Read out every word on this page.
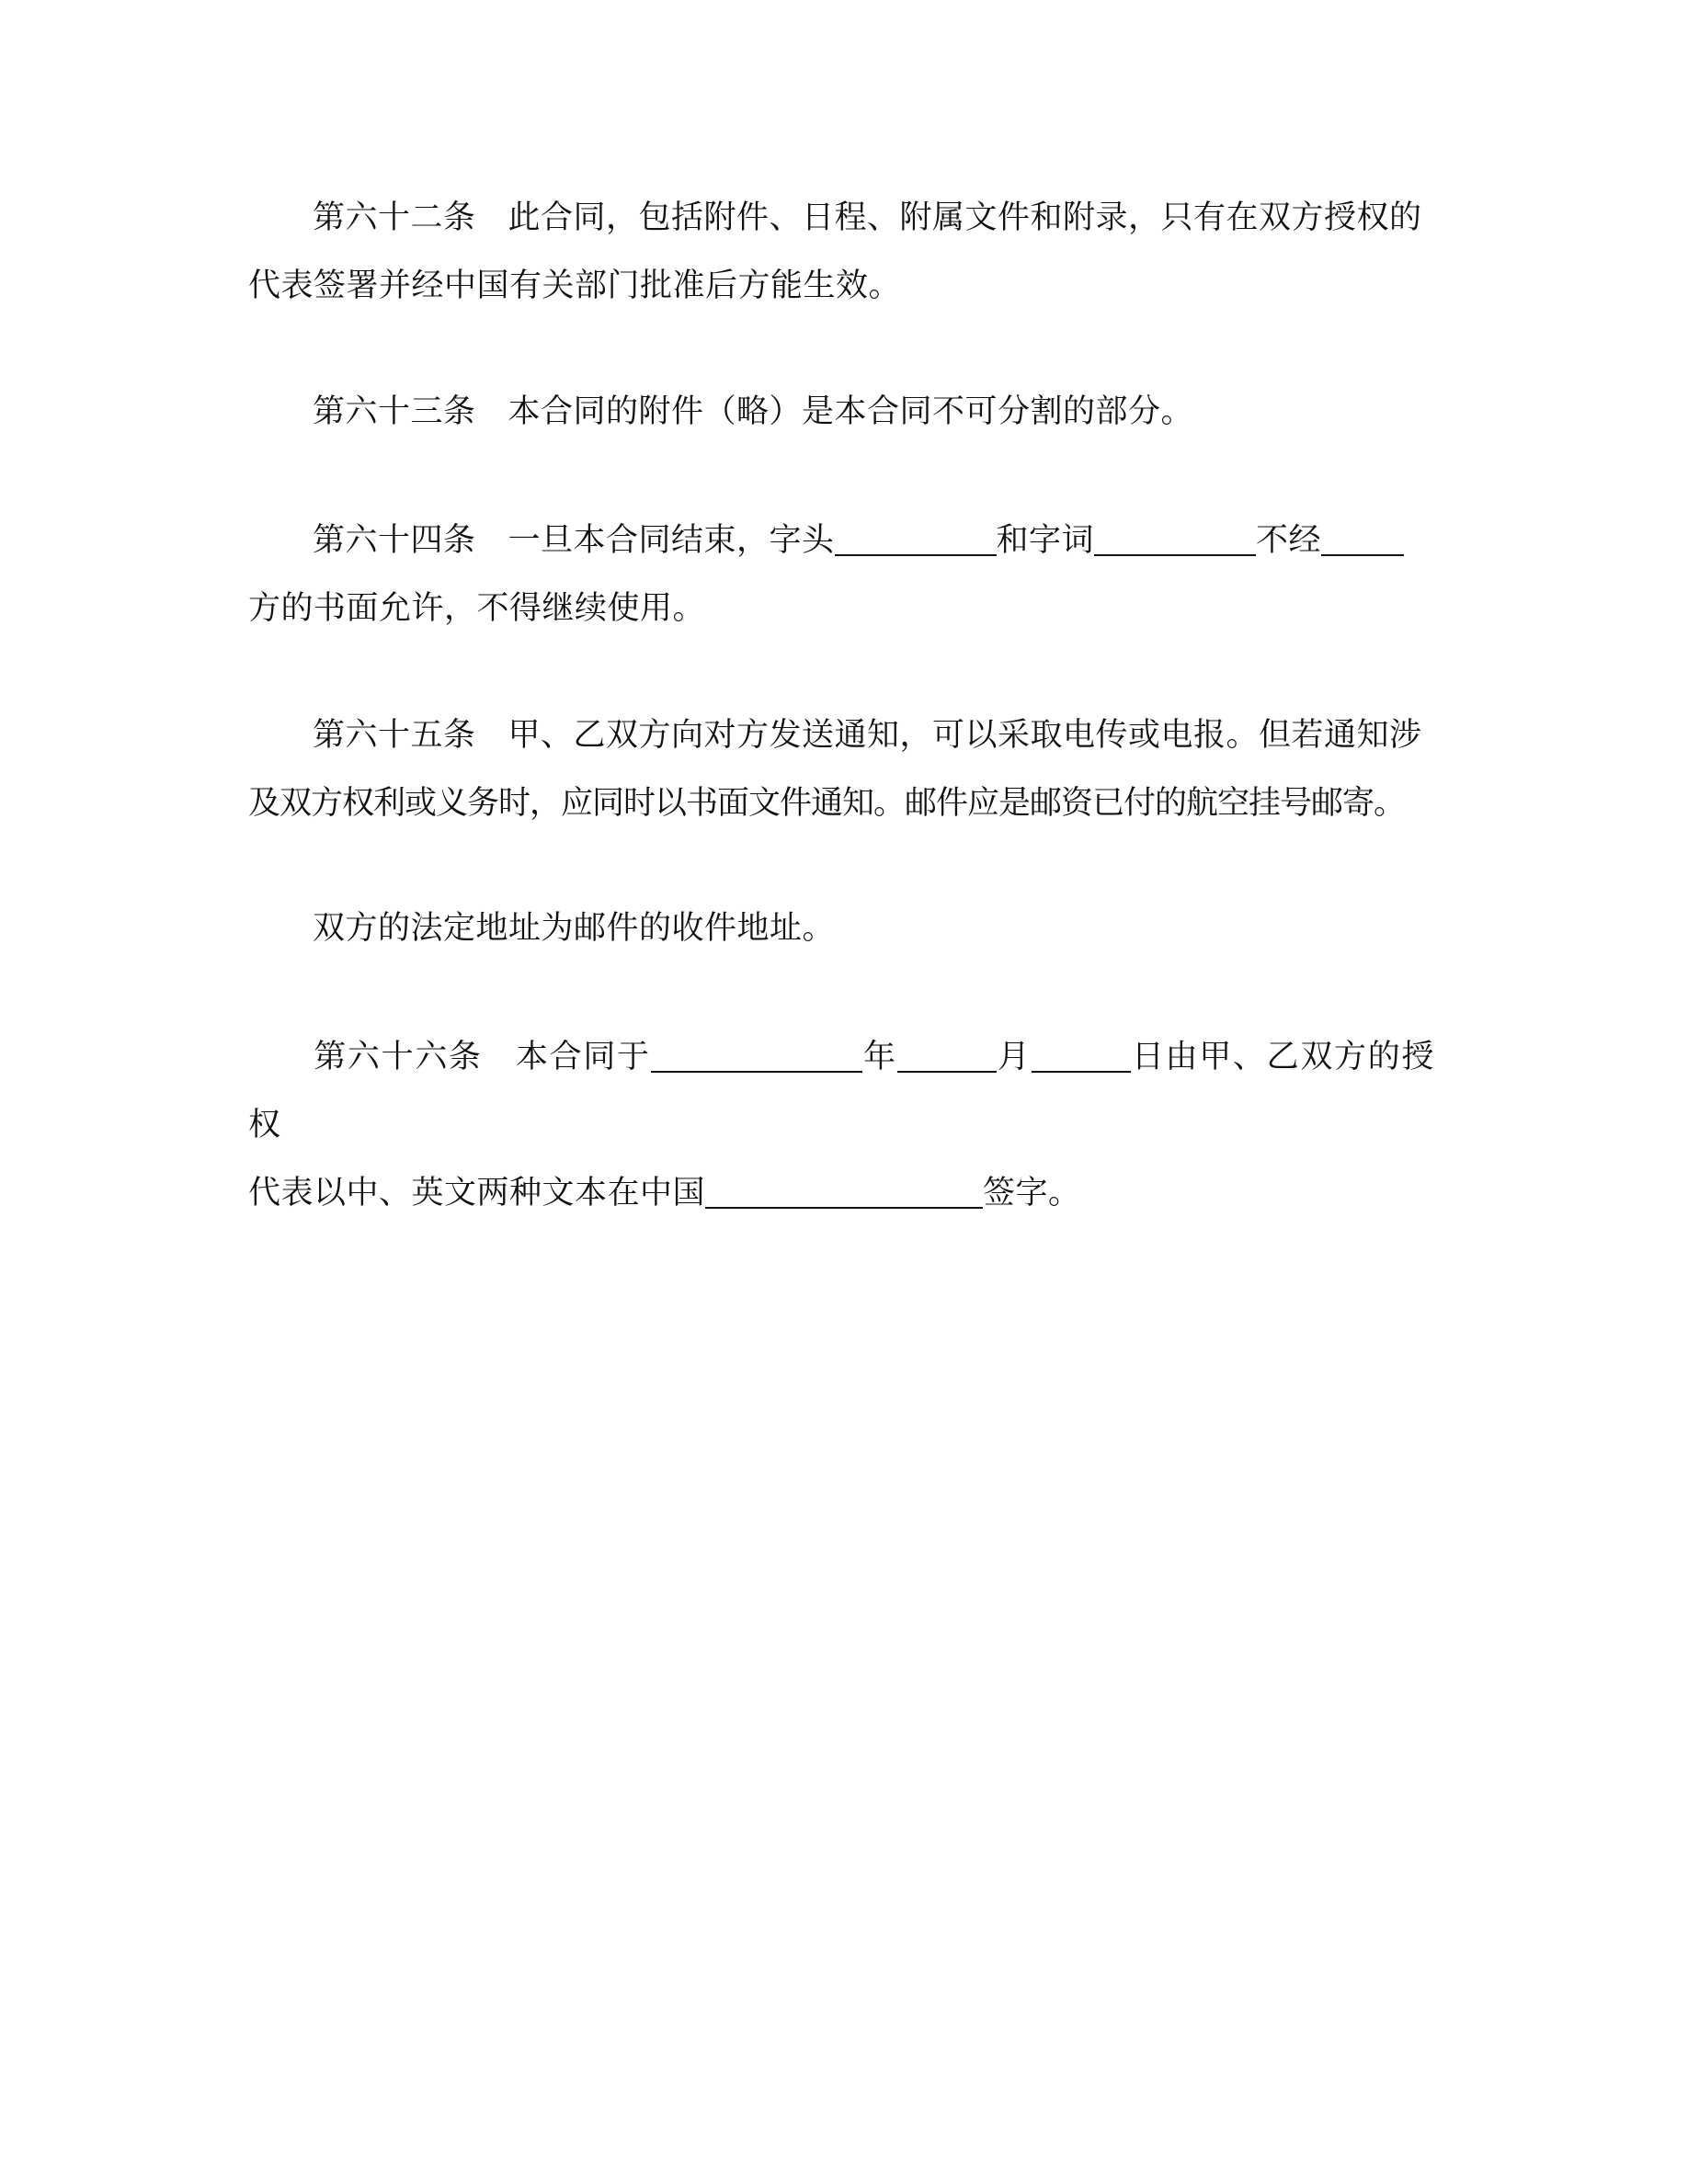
第六十二条 此合同，包括附件、日程、附属文件和附录，只有在双方授权的
代表签署并经中国有关部门批准后方能生效。
第六十三条 本合同的附件（略）是本合同不可分割的部分。
第六十四条 一旦本合同结束，字头	和字词	不经
方的书面允许，不得继续使用。
第六十五条 甲、乙双方向对方发送通知，可以采取电传或电报。但若通知涉
及双方权利或义务时，应同时以书面文件通知。邮件应是邮资已付的航空挂号邮寄。
双方的法定地址为邮件的收件地址。
第六十六条 本合同于	年	月	日由甲、乙双方的授权
代表以中、英文两种文本在中国	签字。
